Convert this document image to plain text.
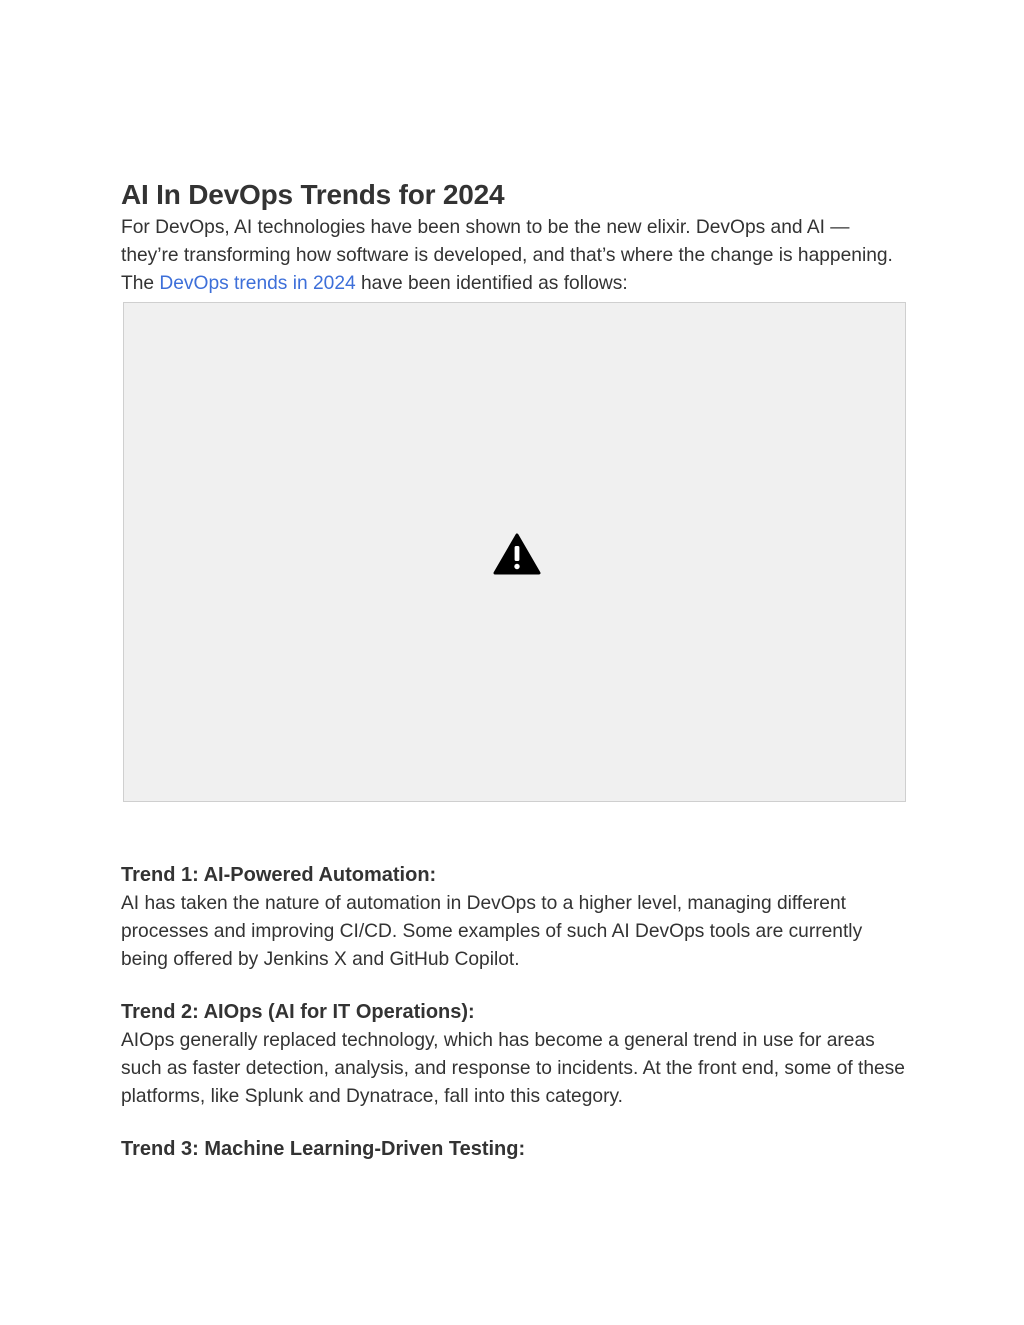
AI In DevOps Trends for 2024

For DevOps, AI technologies have been shown to be the new elixir. DevOps and AI — they’re transforming how software is developed, and that’s where the change is happening. The DevOps trends in 2024 have been identified as follows:

Trend 1: AI-Powered Automation:

AI has taken the nature of automation in DevOps to a higher level, managing different processes and improving CI/CD. Some examples of such AI DevOps tools are currently being offered by Jenkins X and GitHub Copilot.

Trend 2: AIOps (AI for IT Operations):

AIOps generally replaced technology, which has become a general trend in use for areas such as faster detection, analysis, and response to incidents. At the front end, some of these platforms, like Splunk and Dynatrace, fall into this category.

Trend 3: Machine Learning-Driven Testing:
